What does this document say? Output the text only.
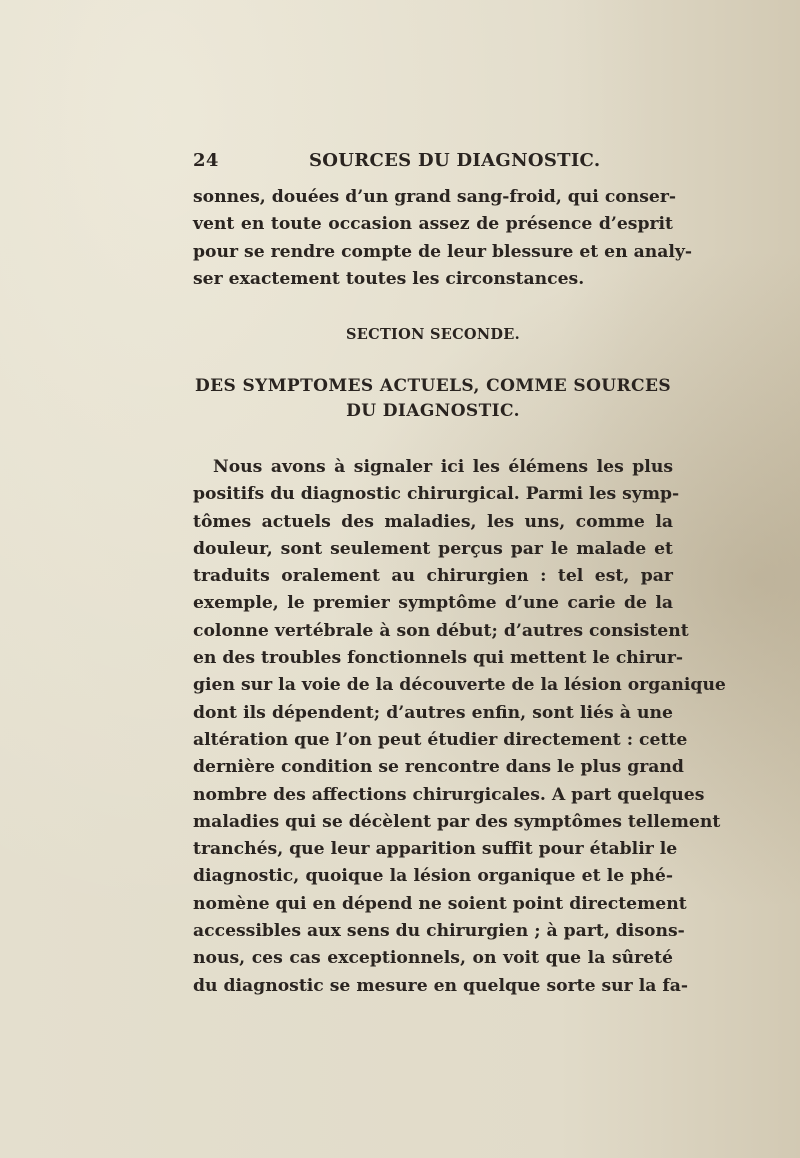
24	SOURCES DU DIAGNOSTIC.
sonnes, douées d’un grand sang-froid, qui conser-
vent en toute occasion assez de présence d’esprit
pour se rendre compte de leur blessure et en analy-
ser exactement toutes les circonstances.
SECTION SECONDE.
DES SYMPTOMES ACTUELS, COMME SOURCES
DU DIAGNOSTIC.
Nous avons à signaler ici les élémens les plus
positifs du diagnostic chirurgical. Parmi les symp-
tômes actuels des maladies, les uns, comme la
douleur, sont seulement perçus par le malade et
traduits oralement au chirurgien : tel est, par
exemple, le premier symptôme d’une carie de la
colonne vertébrale à son début; d’autres consistent
en des troubles fonctionnels qui mettent le chirur-
gien sur la voie de la découverte de la lésion organique
dont ils dépendent; d’autres enfin, sont liés à une
altération que l’on peut étudier directement : cette
dernière condition se rencontre dans le plus grand
nombre des affections chirurgicales. A part quelques
maladies qui se décèlent par des symptômes tellement
tranchés, que leur apparition suffit pour établir le
diagnostic, quoique la lésion organique et le phé-
nomène qui en dépend ne soient point directement
accessibles aux sens du chirurgien ; à part, disons-
nous, ces cas exceptionnels, on voit que la sûreté
du diagnostic se mesure en quelque sorte sur la fa-
